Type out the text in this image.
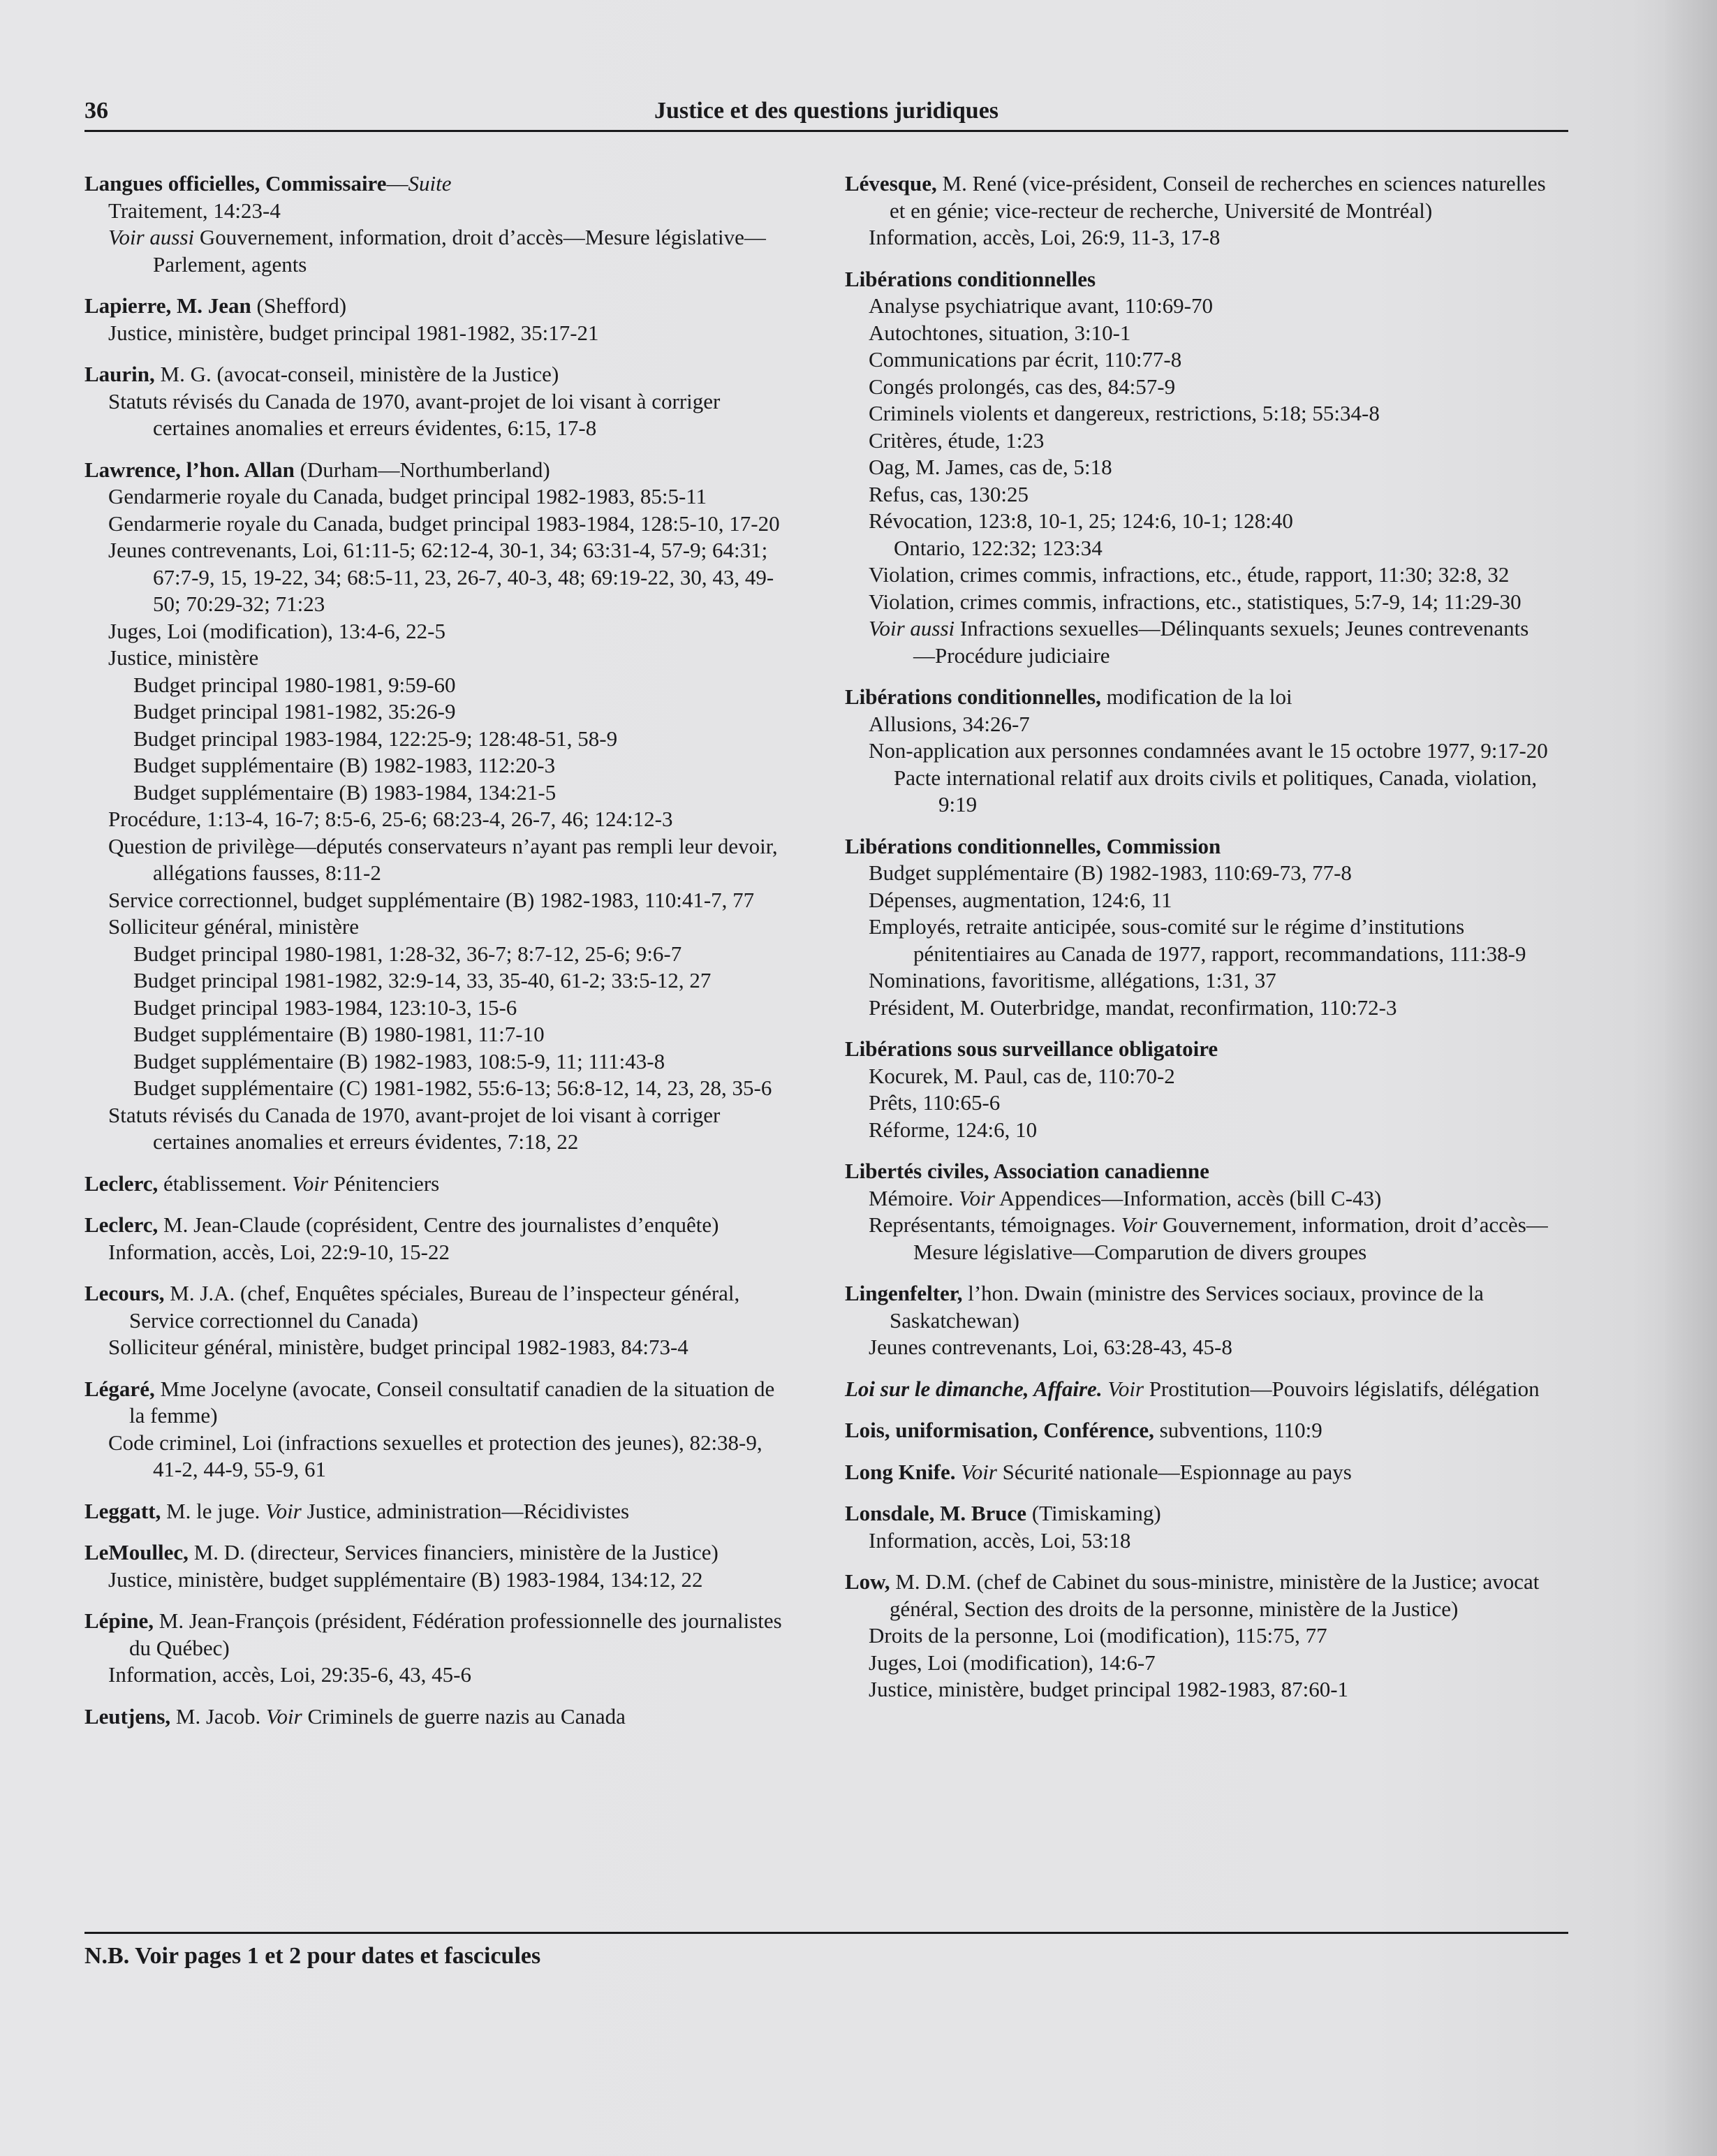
36	Justice et des questions juridiques
Langues officielles, Commissaire—Suite
Traitement, 14:23-4
Voir aussi Gouvernement, information, droit d’accès—Mesure législative—Parlement, agents
Lapierre, M. Jean (Shefford)
Justice, ministère, budget principal 1981-1982, 35:17-21
Laurin, M. G. (avocat-conseil, ministère de la Justice)
Statuts révisés du Canada de 1970, avant-projet de loi visant à corriger certaines anomalies et erreurs évidentes, 6:15, 17-8
Lawrence, l’hon. Allan (Durham—Northumberland)
Gendarmerie royale du Canada, budget principal 1982-1983, 85:5-11
Gendarmerie royale du Canada, budget principal 1983-1984, 128:5-10, 17-20
Jeunes contrevenants, Loi, 61:11-5; 62:12-4, 30-1, 34; 63:31-4, 57-9; 64:31; 67:7-9, 15, 19-22, 34; 68:5-11, 23, 26-7, 40-3, 48; 69:19-22, 30, 43, 49-50; 70:29-32; 71:23
Juges, Loi (modification), 13:4-6, 22-5
Justice, ministère
Budget principal 1980-1981, 9:59-60
Budget principal 1981-1982, 35:26-9
Budget principal 1983-1984, 122:25-9; 128:48-51, 58-9
Budget supplémentaire (B) 1982-1983, 112:20-3
Budget supplémentaire (B) 1983-1984, 134:21-5
Procédure, 1:13-4, 16-7; 8:5-6, 25-6; 68:23-4, 26-7, 46; 124:12-3
Question de privilège—députés conservateurs n’ayant pas rempli leur devoir, allégations fausses, 8:11-2
Service correctionnel, budget supplémentaire (B) 1982-1983, 110:41-7, 77
Solliciteur général, ministère
Budget principal 1980-1981, 1:28-32, 36-7; 8:7-12, 25-6; 9:6-7
Budget principal 1981-1982, 32:9-14, 33, 35-40, 61-2; 33:5-12, 27
Budget principal 1983-1984, 123:10-3, 15-6
Budget supplémentaire (B) 1980-1981, 11:7-10
Budget supplémentaire (B) 1982-1983, 108:5-9, 11; 111:43-8
Budget supplémentaire (C) 1981-1982, 55:6-13; 56:8-12, 14, 23, 28, 35-6
Statuts révisés du Canada de 1970, avant-projet de loi visant à corriger certaines anomalies et erreurs évidentes, 7:18, 22
Leclerc, établissement. Voir Pénitenciers
Leclerc, M. Jean-Claude (coprésident, Centre des journalistes d’enquête)
Information, accès, Loi, 22:9-10, 15-22
Lecours, M. J.A. (chef, Enquêtes spéciales, Bureau de l’inspecteur général, Service correctionnel du Canada)
Solliciteur général, ministère, budget principal 1982-1983, 84:73-4
Légaré, Mme Jocelyne (avocate, Conseil consultatif canadien de la situation de la femme)
Code criminel, Loi (infractions sexuelles et protection des jeunes), 82:38-9, 41-2, 44-9, 55-9, 61
Leggatt, M. le juge. Voir Justice, administration—Récidivistes
LeMoullec, M. D. (directeur, Services financiers, ministère de la Justice)
Justice, ministère, budget supplémentaire (B) 1983-1984, 134:12, 22
Lépine, M. Jean-François (président, Fédération professionnelle des journalistes du Québec)
Information, accès, Loi, 29:35-6, 43, 45-6
Leutjens, M. Jacob. Voir Criminels de guerre nazis au Canada
Lévesque, M. René (vice-président, Conseil de recherches en sciences naturelles et en génie; vice-recteur de recherche, Université de Montréal)
Information, accès, Loi, 26:9, 11-3, 17-8
Libérations conditionnelles
Analyse psychiatrique avant, 110:69-70
Autochtones, situation, 3:10-1
Communications par écrit, 110:77-8
Congés prolongés, cas des, 84:57-9
Criminels violents et dangereux, restrictions, 5:18; 55:34-8
Critères, étude, 1:23
Oag, M. James, cas de, 5:18
Refus, cas, 130:25
Révocation, 123:8, 10-1, 25; 124:6, 10-1; 128:40
Ontario, 122:32; 123:34
Violation, crimes commis, infractions, etc., étude, rapport, 11:30; 32:8, 32
Violation, crimes commis, infractions, etc., statistiques, 5:7-9, 14; 11:29-30
Voir aussi Infractions sexuelles—Délinquants sexuels; Jeunes contrevenants—Procédure judiciaire
Libérations conditionnelles, modification de la loi
Allusions, 34:26-7
Non-application aux personnes condamnées avant le 15 octobre 1977, 9:17-20
Pacte international relatif aux droits civils et politiques, Canada, violation, 9:19
Libérations conditionnelles, Commission
Budget supplémentaire (B) 1982-1983, 110:69-73, 77-8
Dépenses, augmentation, 124:6, 11
Employés, retraite anticipée, sous-comité sur le régime d’institutions pénitentiaires au Canada de 1977, rapport, recommandations, 111:38-9
Nominations, favoritisme, allégations, 1:31, 37
Président, M. Outerbridge, mandat, reconfirmation, 110:72-3
Libérations sous surveillance obligatoire
Kocurek, M. Paul, cas de, 110:70-2
Prêts, 110:65-6
Réforme, 124:6, 10
Libertés civiles, Association canadienne
Mémoire. Voir Appendices—Information, accès (bill C-43)
Représentants, témoignages. Voir Gouvernement, information, droit d’accès—Mesure législative—Comparution de divers groupes
Lingenfelter, l’hon. Dwain (ministre des Services sociaux, province de la Saskatchewan)
Jeunes contrevenants, Loi, 63:28-43, 45-8
Loi sur le dimanche, Affaire. Voir Prostitution—Pouvoirs législatifs, délégation
Lois, uniformisation, Conférence, subventions, 110:9
Long Knife. Voir Sécurité nationale—Espionnage au pays
Lonsdale, M. Bruce (Timiskaming)
Information, accès, Loi, 53:18
Low, M. D.M. (chef de Cabinet du sous-ministre, ministère de la Justice; avocat général, Section des droits de la personne, ministère de la Justice)
Droits de la personne, Loi (modification), 115:75, 77
Juges, Loi (modification), 14:6-7
Justice, ministère, budget principal 1982-1983, 87:60-1
N.B. Voir pages 1 et 2 pour dates et fascicules
